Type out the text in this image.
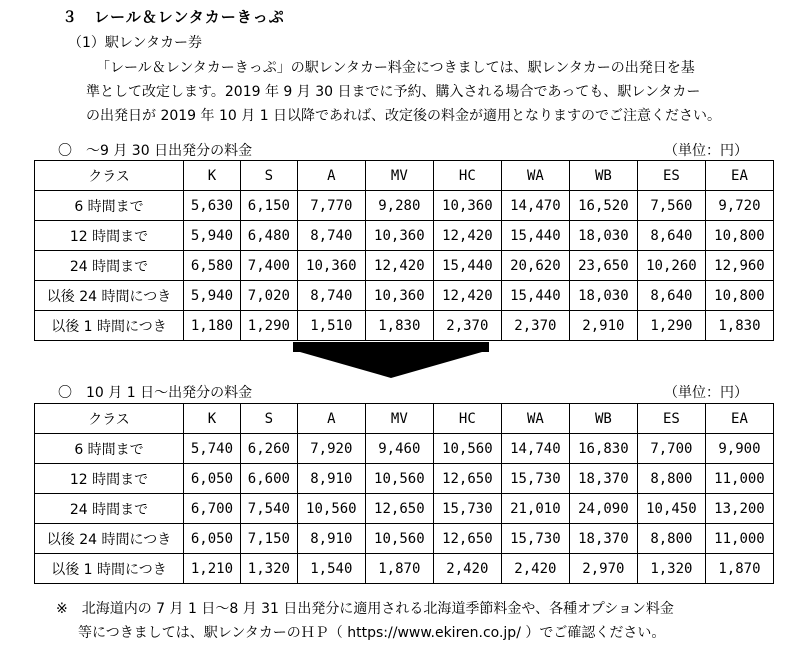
３　レール＆レンタカーきっぷ
（1）駅レンタカー券
「レール＆レンタカーきっぷ」の駅レンタカー料金につきましては、駅レンタカーの出発日を基
準として改定します。2019 年 9 月 30 日までに予約、購入される場合であっても、駅レンタカー
の出発日が 2019 年 10 月 1 日以降であれば、改定後の料金が適用となりますのでご注意ください。
〇　～9 月 30 日出発分の料金	（単位：円）
クラス	K	S	A	MV	HC	WA	WB	ES	EA
6 時間まで	5,630	6,150	7,770	9,280	10,360	14,470	16,520	7,560	9,720
12 時間まで	5,940	6,480	8,740	10,360	12,420	15,440	18,030	8,640	10,800
24 時間まで	6,580	7,400	10,360	12,420	15,440	20,620	23,650	10,260	12,960
以後 24 時間につき	5,940	7,020	8,740	10,360	12,420	15,440	18,030	8,640	10,800
以後 1 時間につき	1,180	1,290	1,510	1,830	2,370	2,370	2,910	1,290	1,830
〇　10 月 1 日～出発分の料金	（単位：円）
クラス	K	S	A	MV	HC	WA	WB	ES	EA
6 時間まで	5,740	6,260	7,920	9,460	10,560	14,740	16,830	7,700	9,900
12 時間まで	6,050	6,600	8,910	10,560	12,650	15,730	18,370	8,800	11,000
24 時間まで	6,700	7,540	10,560	12,650	15,730	21,010	24,090	10,450	13,200
以後 24 時間につき	6,050	7,150	8,910	10,560	12,650	15,730	18,370	8,800	11,000
以後 1 時間につき	1,210	1,320	1,540	1,870	2,420	2,420	2,970	1,320	1,870
※　北海道内の 7 月 1 日～8 月 31 日出発分に適用される北海道季節料金や、各種オプション料金
等につきましては、駅レンタカーのＨＰ（ https://www.ekiren.co.jp/ ）でご確認ください。
